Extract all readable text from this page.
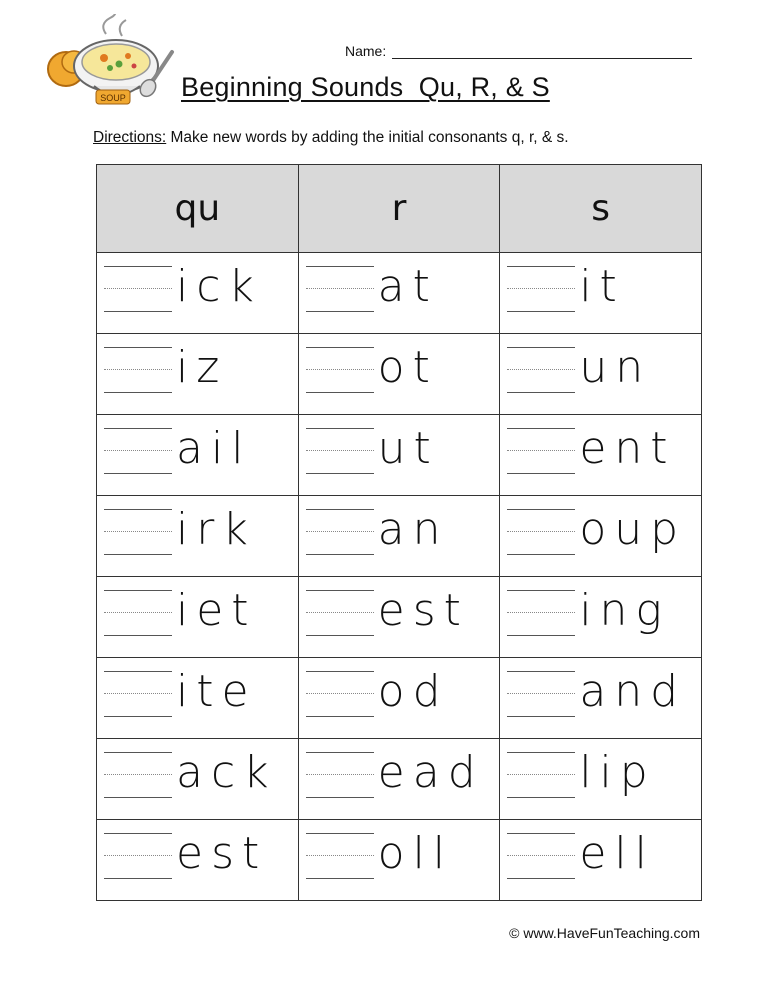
SOUP
Name:
Beginning Sounds  Qu, R, & S
Directions: Make new words by adding the initial consonants q, r, & s.
qu	r	s

ick	at	it

iz	ot	un

ail	ut	ent

irk	an	oup

iet	est	ing

ite	od	and

ack	ead	lip

est	oll	ell
© www.HaveFunTeaching.com
